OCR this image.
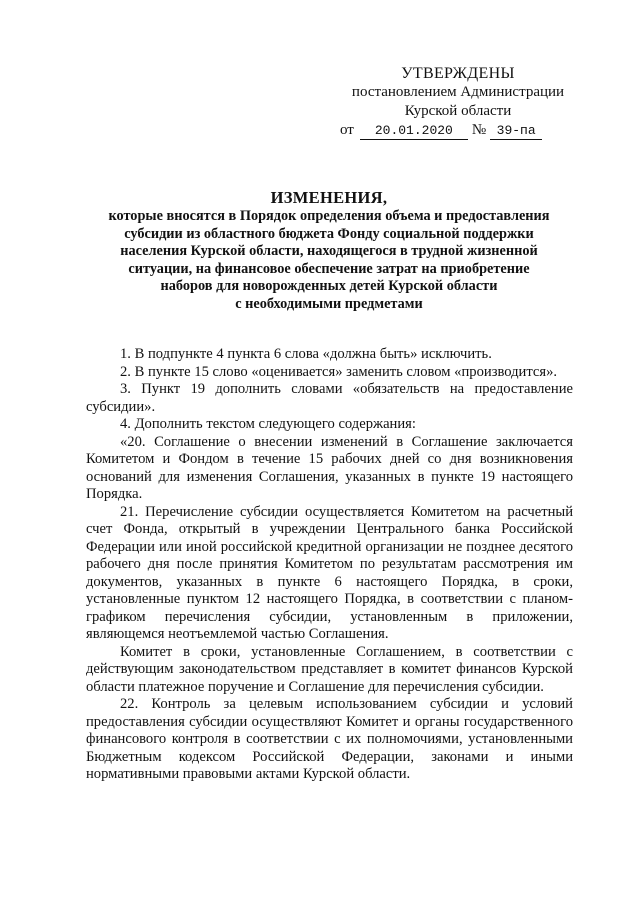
УТВЕРЖДЕНЫ
постановлением Администрации
Курской области
от 20.01.2020 № 39-па
ИЗМЕНЕНИЯ,
которые вносятся в Порядок определения объема и предоставления
субсидии из областного бюджета Фонду социальной поддержки
населения Курской области, находящегося в трудной жизненной
ситуации, на финансовое обеспечение затрат на приобретение
наборов для новорожденных детей Курской области
с необходимыми предметами

1. В подпункте 4 пункта 6 слова «должна быть» исключить.

2. В пункте 15 слово «оценивается» заменить словом «производится».

3. Пункт 19 дополнить словами «обязательств на предоставление субсидии».

4. Дополнить текстом следующего содержания:

«20. Соглашение о внесении изменений в Соглашение заключается Комитетом и Фондом в течение 15 рабочих дней со дня возникновения оснований для изменения Соглашения, указанных в пункте 19 настоящего Порядка.

21. Перечисление субсидии осуществляется Комитетом на расчетный счет Фонда, открытый в учреждении Центрального банка Российской Федерации или иной российской кредитной организации не позднее десятого рабочего дня после принятия Комитетом по результатам рассмотрения им документов, указанных в пункте 6 настоящего Порядка, в сроки, установленные пунктом 12 настоящего Порядка, в соответствии с планом-графиком перечисления субсидии, установленным в приложении, являющемся неотъемлемой частью Соглашения.

Комитет в сроки, установленные Соглашением, в соответствии с действующим законодательством представляет в комитет финансов Курской области платежное поручение и Соглашение для перечисления субсидии.

22. Контроль за целевым использованием субсидии и условий предоставления субсидии осуществляют Комитет и органы государственного финансового контроля в соответствии с их полномочиями, установленными Бюджетным кодексом Российской Федерации, законами и иными нормативными правовыми актами Курской области.
